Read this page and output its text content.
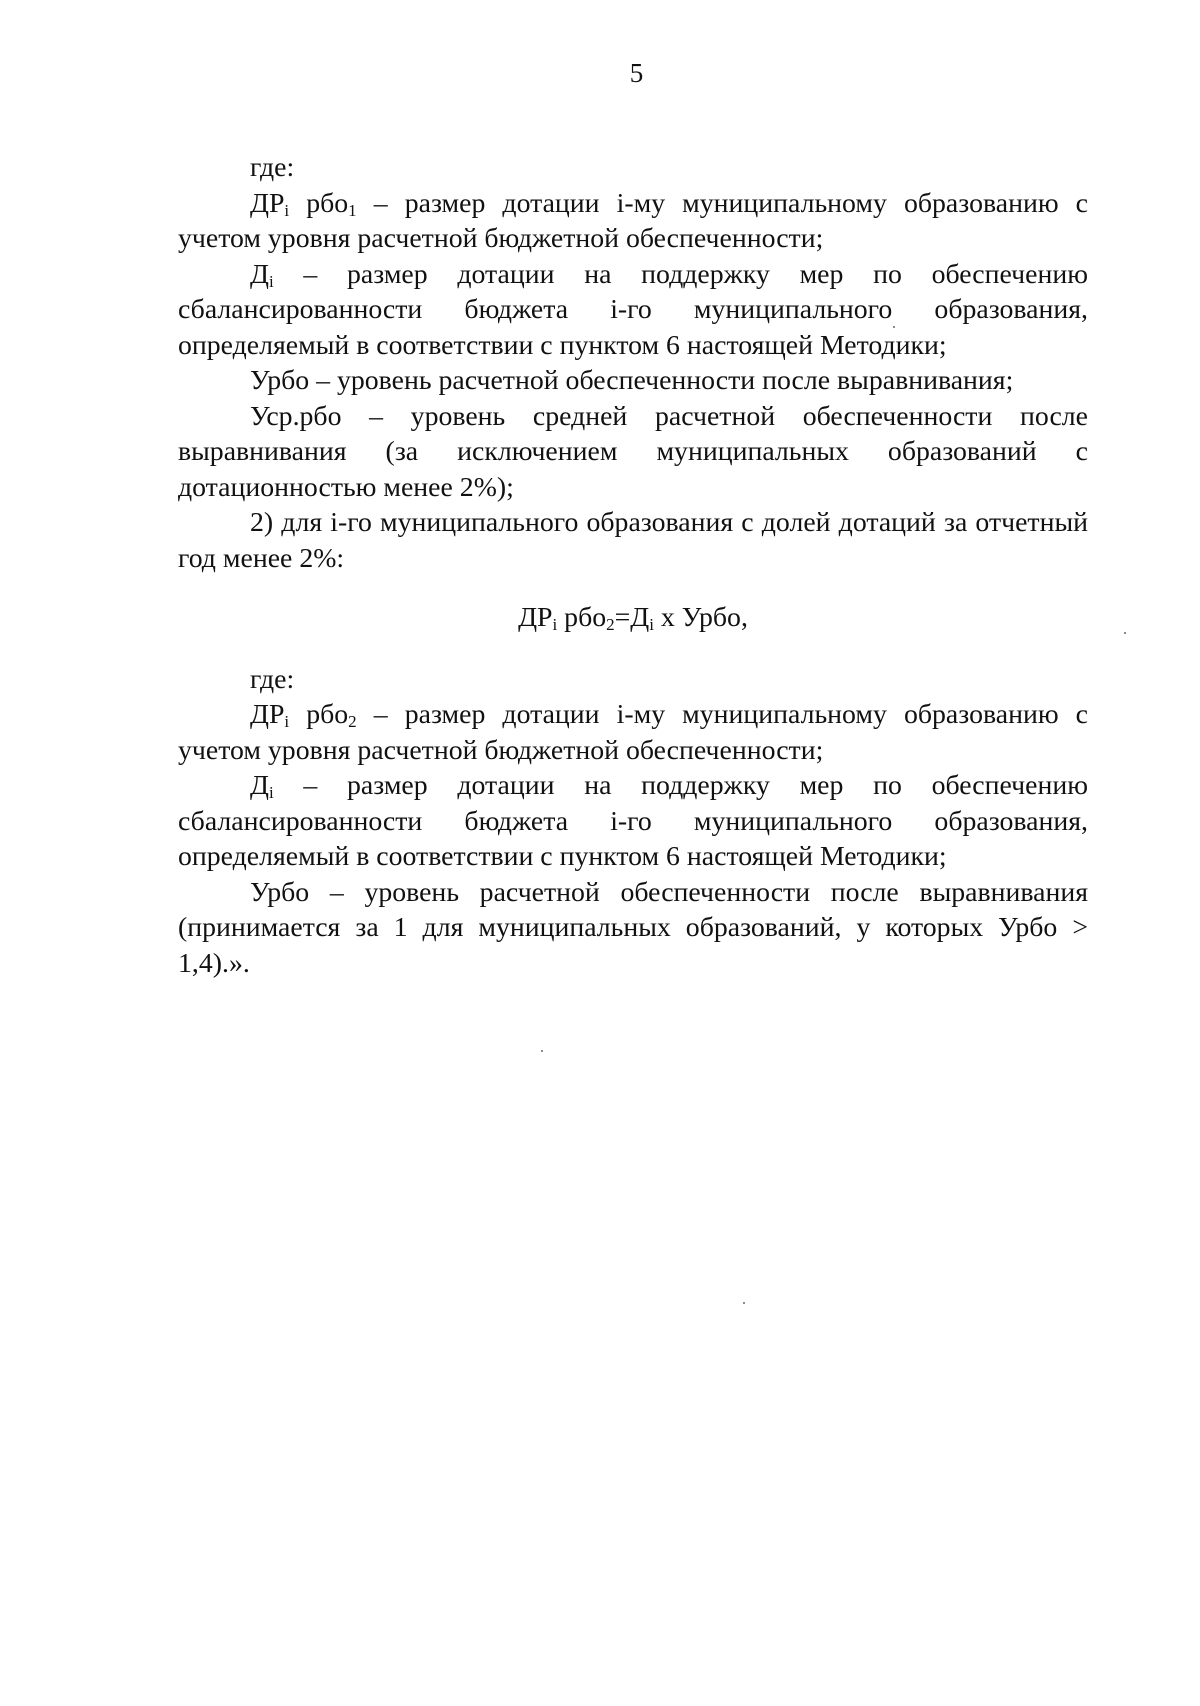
5

где:

$ДР_i$ рбо$_1$ – размер дотации i-му муниципальному образованию с учетом уровня расчетной бюджетной обеспеченности;

$Д_i$ – размер дотации на поддержку мер по обеспечению сбалансированности бюджета i-го муниципального образования, определяемый в соответствии с пунктом 6 настоящей Методики;

Урбо – уровень расчетной обеспеченности после выравнивания;

Уср.рбо – уровень средней расчетной обеспеченности после выравнивания (за исключением муниципальных образований с дотационностью менее 2%);

2) для i-го муниципального образования с долей дотаций за отчетный год менее 2%:

$ДР_i$ $рбо_2=Д_i$ х Урбо,

где:

$ДР_i$ рбо$_2$ – размер дотации i-му муниципальному образованию с учетом уровня расчетной бюджетной обеспеченности;

$Д_i$ – размер дотации на поддержку мер по обеспечению сбалансированности бюджета i-го муниципального образования, определяемый в соответствии с пунктом 6 настоящей Методики;

Урбо – уровень расчетной обеспеченности после выравнивания (принимается за 1 для муниципальных образований, у которых Урбо > 1,4).».
